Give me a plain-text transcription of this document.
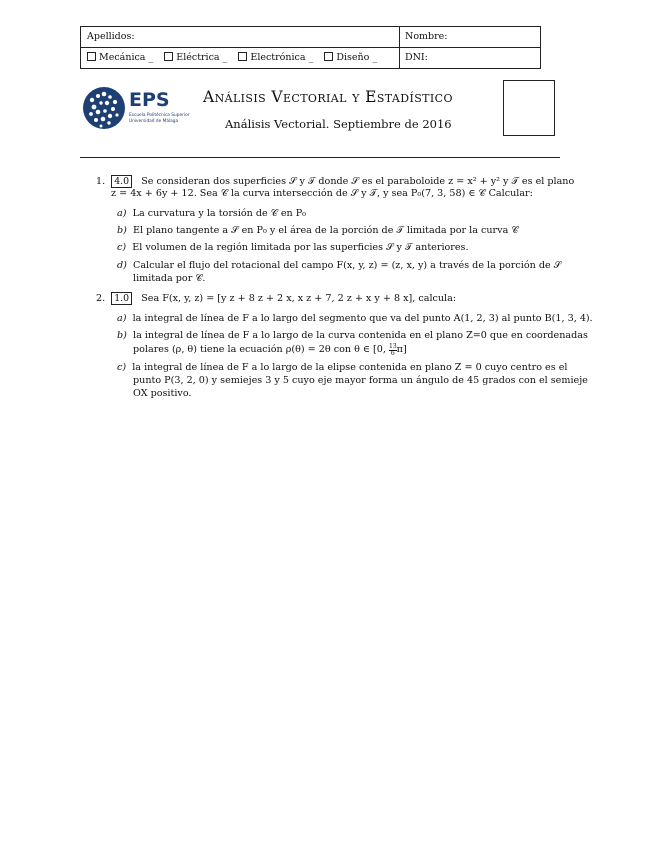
Apellidos:	Nombre:
Mecánica _ Eléctrica _ Electrónica _ Diseño _	DNI:
EPS
Escuela Politécnica Superior
Universidad de Málaga
Análisis Vectorial y Estadístico
Análisis Vectorial. Septiembre de 2016
1. 4.0 Se consideran dos superficies 𝒮 y 𝒯 donde 𝒮 es el paraboloide z = x² + y² y 𝒯 es el plano
z = 4x + 6y + 12. Sea 𝒞 la curva intersección de 𝒮 y 𝒯, y sea P₀(7, 3, 58) ∈ 𝒞 Calcular:
a) La curvatura y la torsión de 𝒞 en P₀
b) El plano tangente a 𝒮 en P₀ y el área de la porción de 𝒯 limitada por la curva 𝒞
c) El volumen de la región limitada por las superficies 𝒮 y 𝒯 anteriores.
d) Calcular el flujo del rotacional del campo F(x, y, z) = (z, x, y) a través de la porción de 𝒮
limitada por 𝒞.
2. 1.0 Sea F(x, y, z) = [y z + 8 z + 2 x, x z + 7, 2 z + x y + 8 x], calcula:
a) la integral de línea de F a lo largo del segmento que va del punto A(1, 2, 3) al punto B(1, 3, 4).
b) la integral de línea de F a lo largo de la curva contenida en el plano Z=0 que en coordenadas
polares (ρ, θ) tiene la ecuación ρ(θ) = 2θ con θ ∈ [0, $\frac{13}{6} \pi$]
c) la integral de línea de F a lo largo de la elipse contenida en plano Z = 0 cuyo centro es el
punto P(3, 2, 0) y semiejes 3 y 5 cuyo eje mayor forma un ángulo de 45 grados con el semieje
OX positivo.
